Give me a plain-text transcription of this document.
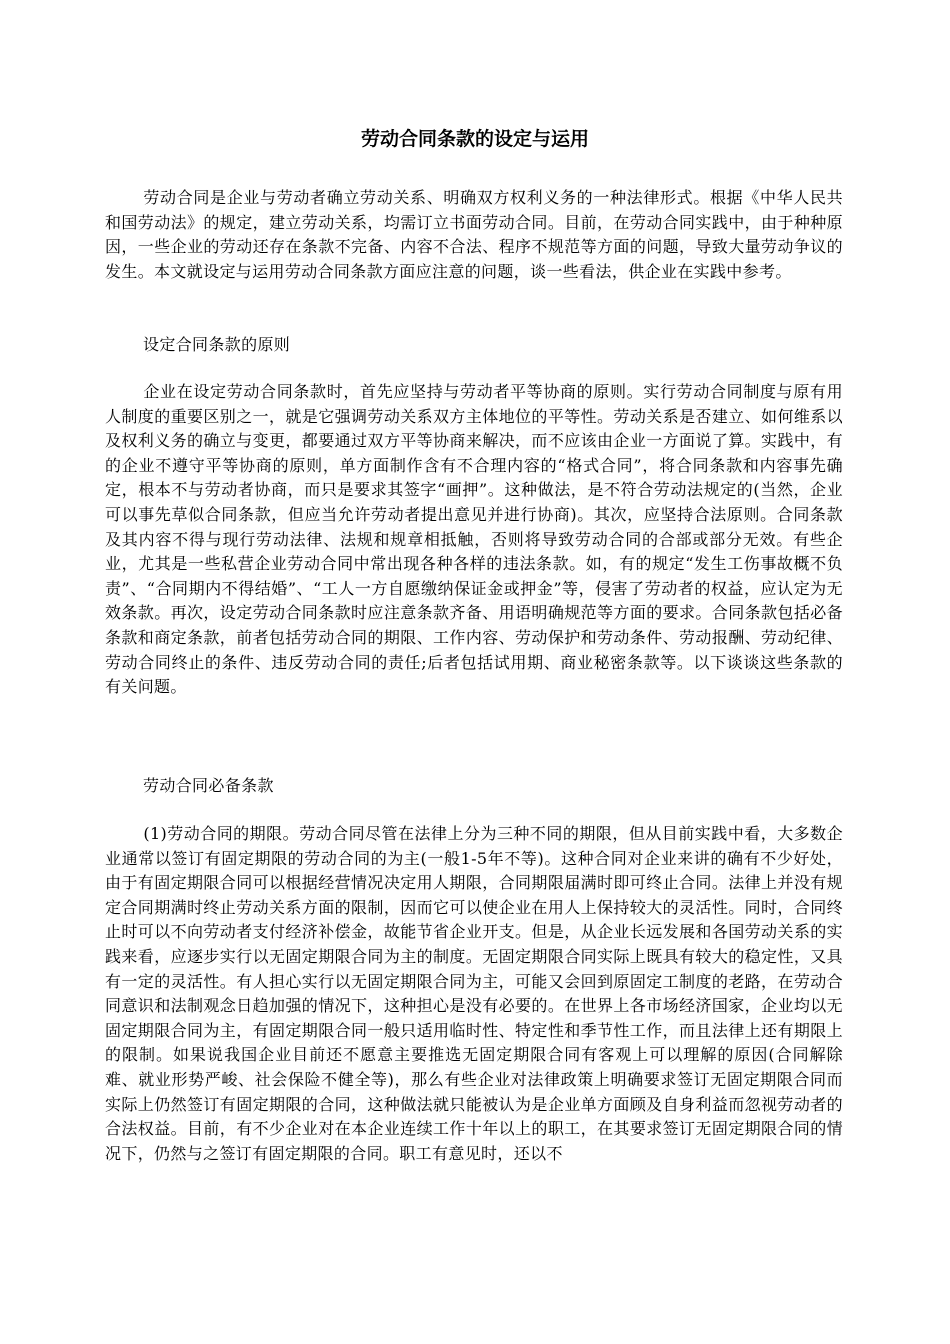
劳动合同条款的设定与运用

劳动合同是企业与劳动者确立劳动关系、明确双方权利义务的一种法律形式。根据《中华人民共和国劳动法》的规定，建立劳动关系，均需订立书面劳动合同。目前，在劳动合同实践中，由于种种原因，一些企业的劳动还存在条款不完备、内容不合法、程序不规范等方面的问题，导致大量劳动争议的发生。本文就设定与运用劳动合同条款方面应注意的问题，谈一些看法，供企业在实践中参考。

设定合同条款的原则

企业在设定劳动合同条款时，首先应坚持与劳动者平等协商的原则。实行劳动合同制度与原有用人制度的重要区别之一，就是它强调劳动关系双方主体地位的平等性。劳动关系是否建立、如何维系以及权利义务的确立与变更，都要通过双方平等协商来解决，而不应该由企业一方面说了算。实践中，有的企业不遵守平等协商的原则，单方面制作含有不合理内容的“格式合同”，将合同条款和内容事先确定，根本不与劳动者协商，而只是要求其签字“画押”。这种做法，是不符合劳动法规定的(当然，企业可以事先草似合同条款，但应当允许劳动者提出意见并进行协商)。其次，应坚持合法原则。合同条款及其内容不得与现行劳动法律、法规和规章相抵触，否则将导致劳动合同的合部或部分无效。有些企业，尤其是一些私营企业劳动合同中常出现各种各样的违法条款。如，有的规定“发生工伤事故概不负责”、“合同期内不得结婚”、“工人一方自愿缴纳保证金或押金”等，侵害了劳动者的权益，应认定为无效条款。再次，设定劳动合同条款时应注意条款齐备、用语明确规范等方面的要求。合同条款包括必备条款和商定条款，前者包括劳动合同的期限、工作内容、劳动保护和劳动条件、劳动报酬、劳动纪律、劳动合同终止的条件、违反劳动合同的责任;后者包括试用期、商业秘密条款等。以下谈谈这些条款的有关问题。

劳动合同必备条款

(1)劳动合同的期限。劳动合同尽管在法律上分为三种不同的期限，但从目前实践中看，大多数企业通常以签订有固定期限的劳动合同的为主(一般1-5年不等)。这种合同对企业来讲的确有不少好处，由于有固定期限合同可以根据经营情况决定用人期限，合同期限届满时即可终止合同。法律上并没有规定合同期满时终止劳动关系方面的限制，因而它可以使企业在用人上保持较大的灵活性。同时，合同终止时可以不向劳动者支付经济补偿金，故能节省企业开支。但是，从企业长远发展和各国劳动关系的实践来看，应逐步实行以无固定期限合同为主的制度。无固定期限合同实际上既具有较大的稳定性，又具有一定的灵活性。有人担心实行以无固定期限合同为主，可能又会回到原固定工制度的老路，在劳动合同意识和法制观念日趋加强的情况下，这种担心是没有必要的。在世界上各市场经济国家，企业均以无固定期限合同为主，有固定期限合同一般只适用临时性、特定性和季节性工作，而且法律上还有期限上的限制。如果说我国企业目前还不愿意主要推选无固定期限合同有客观上可以理解的原因(合同解除难、就业形势严峻、社会保险不健全等)，那么有些企业对法律政策上明确要求签订无固定期限合同而实际上仍然签订有固定期限的合同，这种做法就只能被认为是企业单方面顾及自身利益而忽视劳动者的合法权益。目前，有不少企业对在本企业连续工作十年以上的职工，在其要求签订无固定期限合同的情况下，仍然与之签订有固定期限的合同。职工有意见时，还以不
